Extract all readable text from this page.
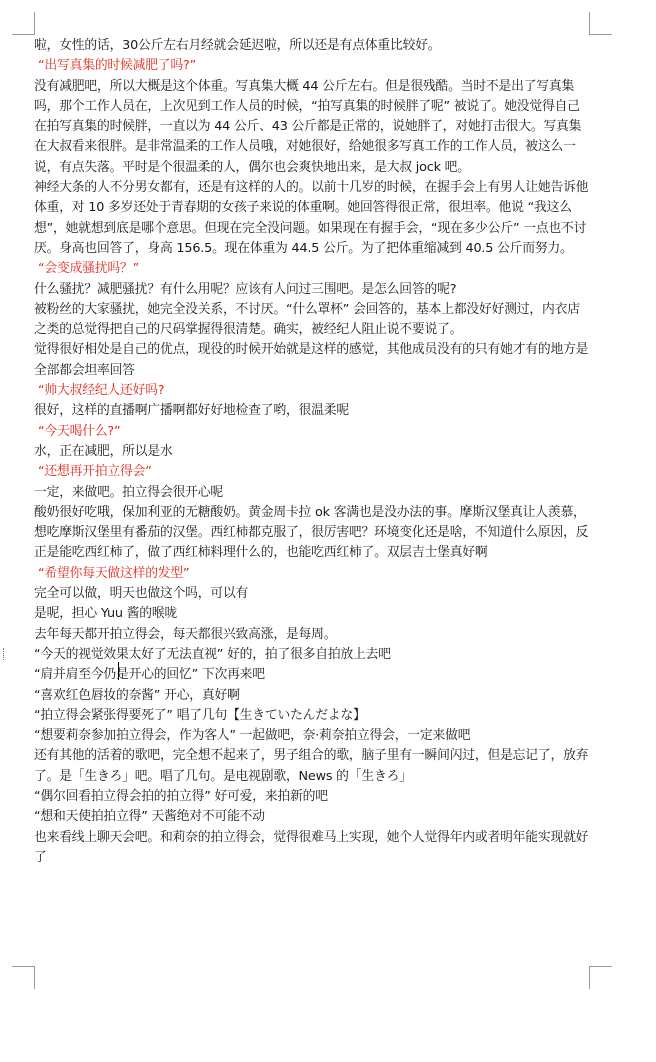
啦，女性的话，30公斤左右月经就会延迟啦，所以还是有点体重比较好。

“出写真集的时候减肥了吗?”

没有减肥吧，所以大概是这个体重。写真集大概 44 公斤左右。但是很残酷。当时不是出了写真集吗，那个工作人员在，上次见到工作人员的时候，“拍写真集的时候胖了呢” 被说了。她没觉得自己在拍写真集的时候胖，一直以为 44 公斤、43 公斤都是正常的，说她胖了，对她打击很大。写真集在大叔看来很胖。是非常温柔的工作人员哦，对她很好，给她很多写真工作的工作人员，被这么一说，有点失落。平时是个很温柔的人，偶尔也会爽快地出来，是大叔 jock 吧。

神经大条的人不分男女都有，还是有这样的人的。以前十几岁的时候，在握手会上有男人让她告诉他体重，对 10 多岁还处于青春期的女孩子来说的体重啊。她回答得很正常，很坦率。他说 “我这么想”，她就想到底是哪个意思。但现在完全没问题。如果现在有握手会，“现在多少公斤” 一点也不讨厌。身高也回答了，身高 156.5。现在体重为 44.5 公斤。为了把体重缩减到 40.5 公斤而努力。

“会变成骚扰吗？”

什么骚扰？减肥骚扰？有什么用呢？应该有人问过三围吧。是怎么回答的呢?

被粉丝的大家骚扰，她完全没关系，不讨厌。“什么罩杯” 会回答的，基本上都没好好测过，内衣店之类的总觉得把自己的尺码掌握得很清楚。确实，被经纪人阻止说不要说了。

觉得很好相处是自己的优点，现役的时候开始就是这样的感觉，其他成员没有的只有她才有的地方是全部都会坦率回答

“帅大叔经纪人还好吗?

很好，这样的直播啊广播啊都好好地检查了哟，很温柔呢

“今天喝什么?”

水，正在减肥，所以是水

“还想再开拍立得会”

一定，来做吧。拍立得会很开心呢

酸奶很好吃哦，保加利亚的无糖酸奶。黄金周卡拉 ok 客满也是没办法的事。摩斯汉堡真让人羡慕，想吃摩斯汉堡里有番茄的汉堡。西红柿都克服了，很厉害吧？环境变化还是啥，不知道什么原因，反正是能吃西红柿了，做了西红柿料理什么的，也能吃西红柿了。双层吉士堡真好啊

“希望你每天做这样的发型”

完全可以做，明天也做这个吗，可以有

是呢，担心 Yuu 酱的喉咙

去年每天都开拍立得会，每天都很兴致高涨，是每周。

“今天的视觉效果太好了无法直视” 好的，拍了很多自拍放上去吧

“肩并肩至今仍是开心的回忆” 下次再来吧

“喜欢红色唇妆的奈酱” 开心，真好啊

“拍立得会紧张得要死了” 唱了几句【生きていたんだよな】

“想要莉奈参加拍立得会，作为客人” 一起做吧，奈·莉奈拍立得会，一定来做吧

还有其他的活着的歌吧，完全想不起来了，男子组合的歌，脑子里有一瞬间闪过，但是忘记了，放弃了。是「生きろ」吧。唱了几句。是电视剧歌，News 的「生きろ」

“偶尔回看拍立得会拍的拍立得” 好可爱，来拍新的吧

“想和天使拍拍立得” 天酱绝对不可能不动

也来看线上聊天会吧。和莉奈的拍立得会，觉得很难马上实现，她个人觉得年内或者明年能实现就好了
